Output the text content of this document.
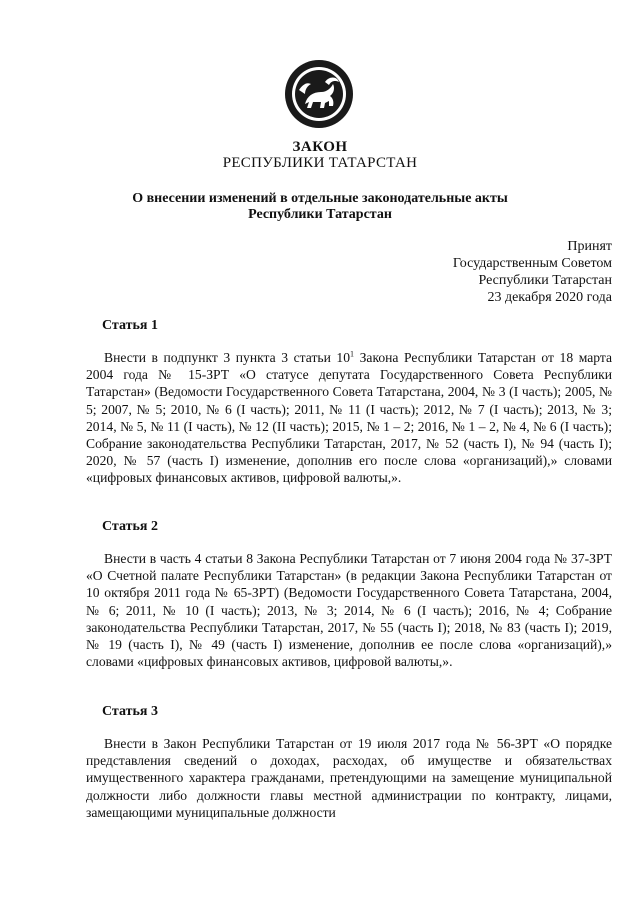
ЗАКОН
РЕСПУБЛИКИ ТАТАРСТАН
О внесении изменений в отдельные законодательные акты
Республики Татарстан
Принят
Государственным Советом
Республики Татарстан
23 декабря 2020 года
Статья 1

Внести в подпункт 3 пункта 3 статьи $10^1$ Закона Республики Татарстан от 18 марта 2004 года № 15-ЗРТ «О статусе депутата Государственного Совета Республики Татарстан» (Ведомости Государственного Совета Татарстана, 2004, № 3 (I часть); 2005, № 5; 2007, № 5; 2010, № 6 (I часть); 2011, № 11 (I часть); 2012, № 7 (I часть); 2013, № 3; 2014, № 5, № 11 (I часть), № 12 (II часть); 2015, № 1 – 2; 2016, № 1 – 2, № 4, № 6 (I часть); Собрание законодательства Республики Татарстан, 2017, № 52 (часть I), № 94 (часть I); 2020, № 57 (часть I) изменение, дополнив его после слова «организаций),» словами «цифровых финансовых активов, цифровой валюты,».

Статья 2

Внести в часть 4 статьи 8 Закона Республики Татарстан от 7 июня 2004 года № 37-ЗРТ «О Счетной палате Республики Татарстан» (в редакции Закона Республики Татарстан от 10 октября 2011 года № 65-ЗРТ) (Ведомости Государственного Совета Татарстана, 2004, № 6; 2011, № 10 (I часть); 2013, № 3; 2014, № 6 (I часть); 2016, № 4; Собрание законодательства Республики Татарстан, 2017, № 55 (часть I); 2018, № 83 (часть I); 2019, № 19 (часть I), № 49 (часть I) изменение, дополнив ее после слова «организаций),» словами «цифровых финансовых активов, цифровой валюты,».

Статья 3

Внести в Закон Республики Татарстан от 19 июля 2017 года № 56-ЗРТ «О порядке представления сведений о доходах, расходах, об имуществе и обязательствах имущественного характера гражданами, претендующими на замещение муниципальной должности либо должности главы местной администрации по контракту, лицами, замещающими муниципальные должности
